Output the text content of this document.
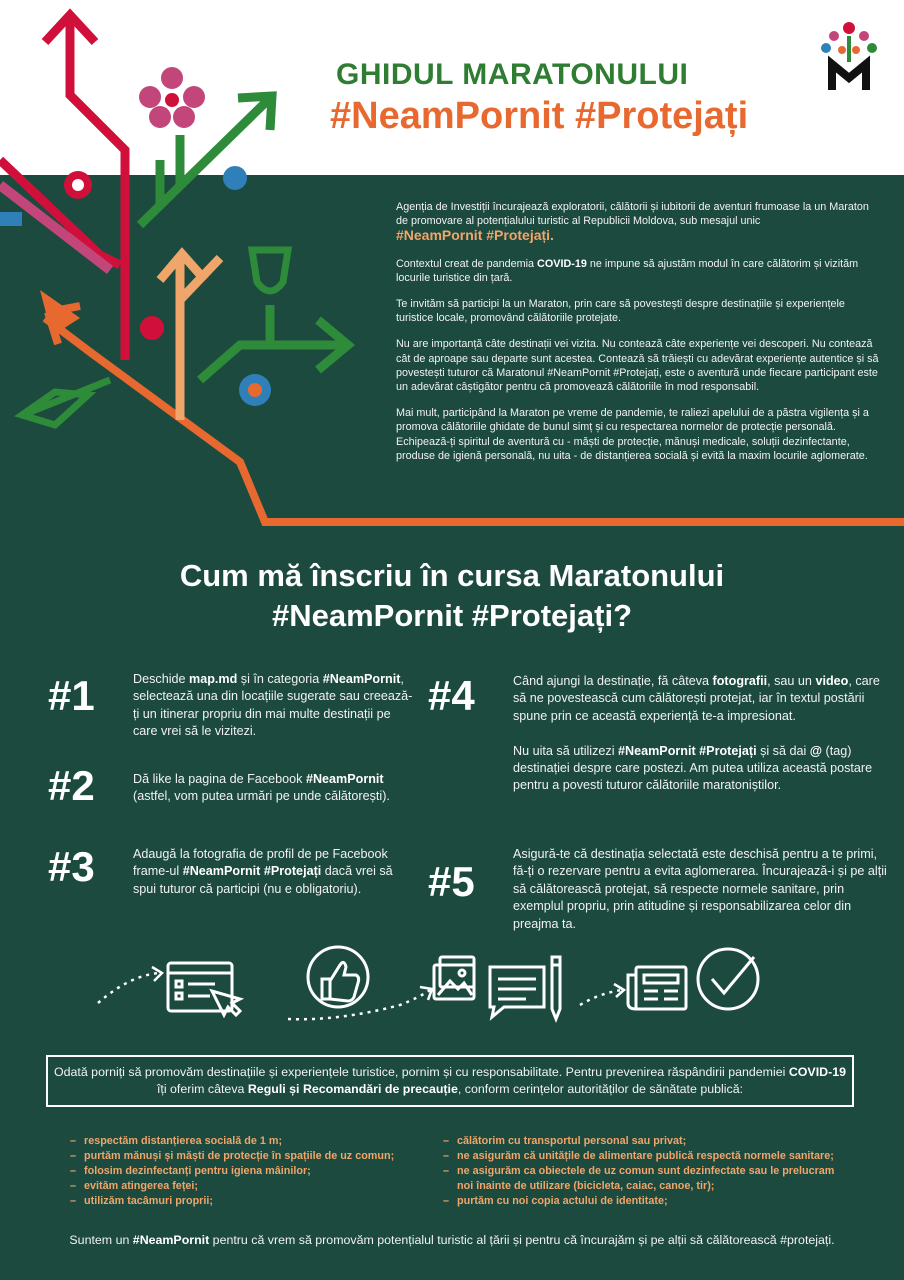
GHIDUL MARATONULUI
#NeamPornit #Protejați

Agenția de Investiții încurajează exploratorii, călătorii și iubitorii de aventuri frumoase la un Maraton de promovare al potențialului turistic al Republicii Moldova, sub mesajul unic
#NeamPornit #Protejați.

Contextul creat de pandemia COVID-19 ne impune să ajustăm modul în care călătorim și vizităm locurile turistice din țară.

Te invităm să participi la un Maraton, prin care să povestești despre destinațiile și experiențele turistice locale, promovând călătoriile protejate.

Nu are importanță câte destinații vei vizita. Nu contează câte experiențe vei descoperi. Nu contează cât de aproape sau departe sunt acestea. Contează să trăiești cu adevărat experiențe autentice și să povestești tuturor că Maratonul #NeamPornit #Protejați, este o aventură unde fiecare participant este un adevărat câștigător pentru că promovează călătoriile în mod responsabil.

Mai mult, participând la Maraton pe vreme de pandemie, te raliezi apelului de a păstra vigilența și a promova călătoriile ghidate de bunul simț și cu respectarea normelor de protecție personală. Echipează-ți spiritul de aventură cu - măști de protecție, mănuși medicale, soluții dezinfectante, produse de igienă personală, nu uita - de distanțierea socială și evită la maxim locurile aglomerate.

Cum mă înscriu în cursa Maratonului
#NeamPornit #Protejați?
#1	Deschide map.md și în categoria #NeamPornit, selectează una din locațiile sugerate sau creează-ți un itinerar propriu din mai multe destinații pe care vrei să le vizitezi.
#2	Dă like la pagina de Facebook #NeamPornit (astfel, vom putea urmări pe unde călătorești).
#3	Adaugă la fotografia de profil de pe Facebook frame-ul #NeamPornit #Protejați dacă vrei să spui tuturor că participi (nu e obligatoriu).
#4	Când ajungi la destinație, fă câteva fotografii, sau un video, care să ne povestească cum călătorești protejat, iar în textul postării spune prin ce această experiență te-a impresionat.

Nu uita să utilizezi #NeamPornit #Protejați și să dai @ (tag) destinației despre care postezi. Am putea utiliza această postare pentru a povesti tuturor călătoriile maratoniștilor.
#5
Asigură-te că destinația selectată este deschisă pentru a te primi, fă-ți o rezervare pentru a evita aglomerarea. Încurajează-i și pe alții să călătorească protejat, să respecte normele sanitare, prin exemplul propriu, prin atitudine și responsabilizarea celor din preajma ta.
Odată porniți să promovăm destinațiile și experiențele turistice, pornim și cu responsabilitate. Pentru prevenirea răspândirii pandemiei COVID-19 îți oferim câteva Reguli și Recomandări de precauție, conform cerințelor autorităților de sănătate publică:
– respectăm distanțierea socială de 1 m;
– purtăm mănuși și măști de protecție în spațiile de uz comun;
– folosim dezinfectanți pentru igiena mâinilor;
– evităm atingerea feței;
– utilizăm tacâmuri proprii;
– călătorim cu transportul personal sau privat;
– ne asigurăm că unitățile de alimentare publică respectă normele sanitare;
– ne asigurăm ca obiectele de uz comun sunt dezinfectate sau le prelucram noi înainte de utilizare (bicicleta, caiac, canoe, tir);
– purtăm cu noi copia actului de identitate;
Suntem un #NeamPornit pentru că vrem să promovăm potențialul turistic al țării și pentru că încurajăm și pe alții să călătorească #protejați.
